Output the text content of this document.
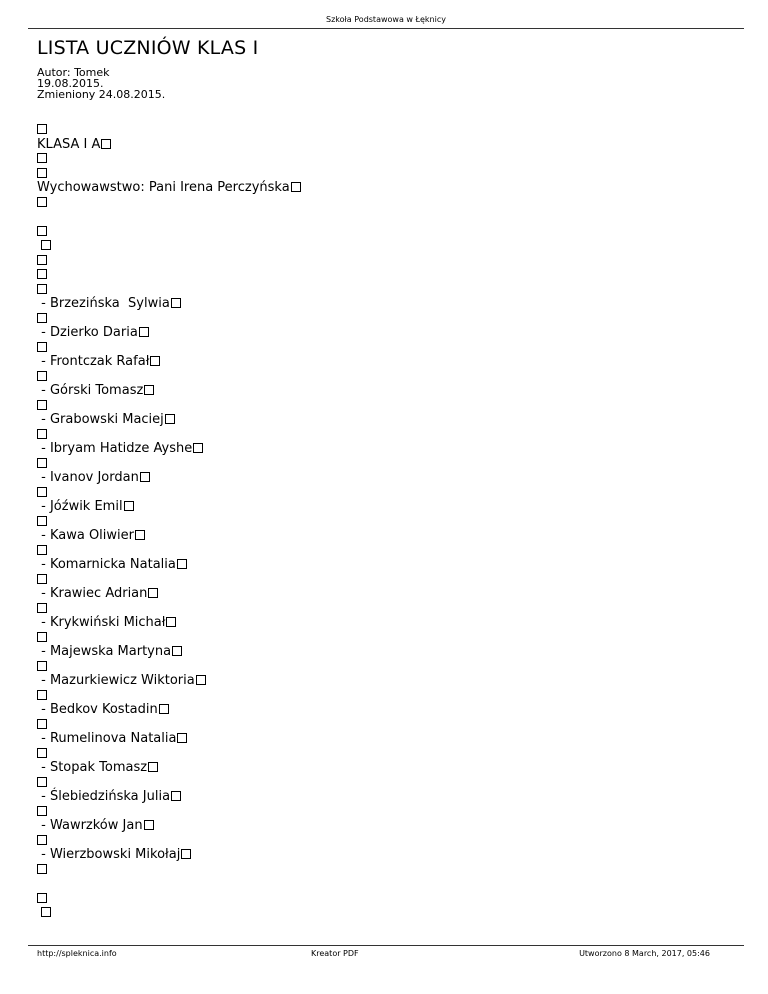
Szkoła Podstawowa w Łęknicy
LISTA UCZNIÓW KLAS I
Autor: Tomek
19.08.2015.
Zmieniony 24.08.2015.
KLASA I A
Wychowawstwo: Pani Irena Perczyńska

- Brzezińska  Sylwia
- Dzierko Daria
- Frontczak Rafał
- Górski Tomasz
- Grabowski Maciej
- Ibryam Hatidze Ayshe
- Ivanov Jordan
- Jóźwik Emil
- Kawa Oliwier
- Komarnicka Natalia
- Krawiec Adrian
- Krykwiński Michał
- Majewska Martyna
- Mazurkiewicz Wiktoria
- Bedkov Kostadin
- Rumelinova Natalia
- Stopak Tomasz
- Ślebiedzińska Julia
- Wawrzków Jan
- Wierzbowski Mikołaj

http://spleknica.info	Kreator PDF	Utworzono 8 March, 2017, 05:46
